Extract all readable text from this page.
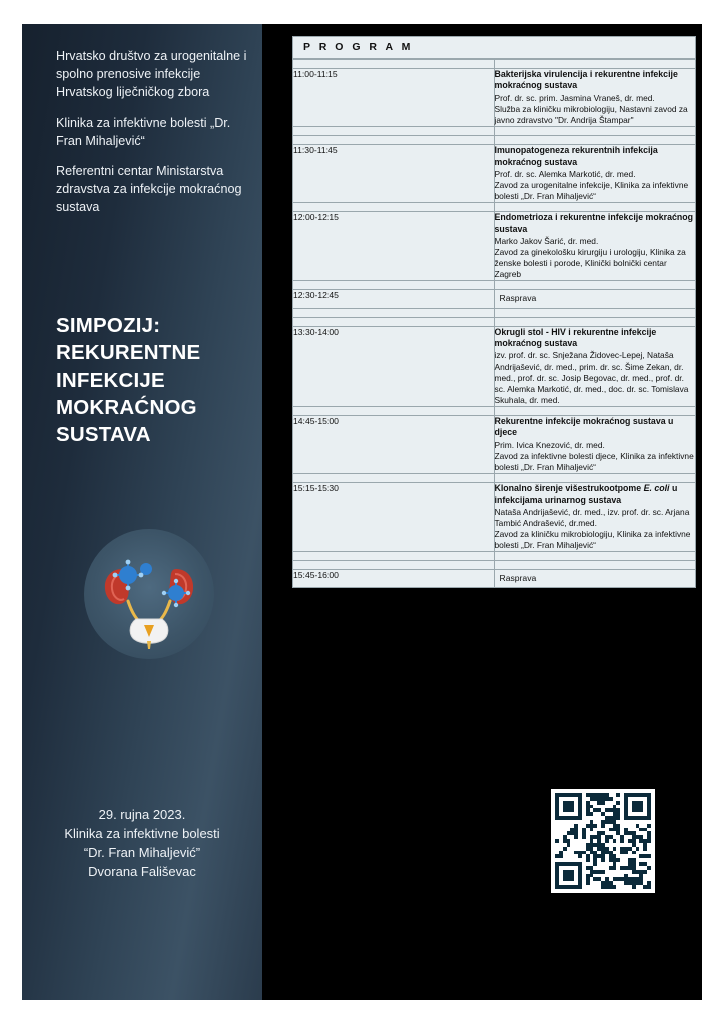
Hrvatsko društvo za urogenitalne i spolno prenosive infekcije Hrvatskog liječničkog zbora

Klinika za infektivne bolesti „Dr. Fran Mihaljević“

Referentni centar Ministarstva zdravstva za infekcije mokraćnog sustava

SIMPOZIJ: REKURENTNE INFEKCIJE MOKRAĆNOG SUSTAVA
29. rujna 2023.
Klinika za infektivne bolesti
“Dr. Fran Mihaljević”
Dvorana Fališevac
P R O G R A M

11:00-11:15	Bakterijska virulencija i rekurentne infekcije mokraćnog sustava
Prof. dr. sc. prim. Jasmina Vraneš, dr. med.
Služba za kliničku mikrobiologiju, Nastavni zavod za javno zdravstvo "Dr. Andrija Štampar"

11:30-11:45	Imunopatogeneza rekurentnih infekcija mokraćnog sustava
Prof. dr. sc. Alemka Markotić, dr. med.
Zavod za urogenitalne infekcije, Klinika za infektivne bolesti „Dr. Fran Mihaljević“

12:00-12:15	Endometrioza i rekurentne infekcije mokraćnog sustava
Marko Jakov Šarić, dr. med.
Zavod za ginekološku kirurgiju i urologiju, Klinika za ženske bolesti i porode, Klinički bolnički centar Zagreb

12:30-12:45	Rasprava

13:30-14:00	Okrugli stol - HIV i rekurentne infekcije mokraćnog sustava
izv. prof. dr. sc. Snježana Židovec-Lepej, Nataša Andrijašević, dr. med., prim. dr. sc. Šime Zekan, dr. med., prof. dr. sc. Josip Begovac, dr. med., prof. dr. sc. Alemka Markotić, dr. med., doc. dr. sc. Tomislava Skuhala, dr. med.

14:45-15:00	Rekurentne infekcije mokraćnog sustava u djece
Prim. Ivica Knezović, dr. med.
Zavod za infektivne bolesti djece, Klinika za infektivne bolesti „Dr. Fran Mihaljević“

15:15-15:30	Klonalno širenje višestrukootpome E. coli u infekcijama urinarnog sustava
Nataša Andrijašević, dr. med., izv. prof. dr. sc. Arjana Tambić Andrašević, dr.med.
Zavod za kliničku mikrobiologiju, Klinika za infektivne bolesti „Dr. Fran Mihaljević“

15:45-16:00	Rasprava
